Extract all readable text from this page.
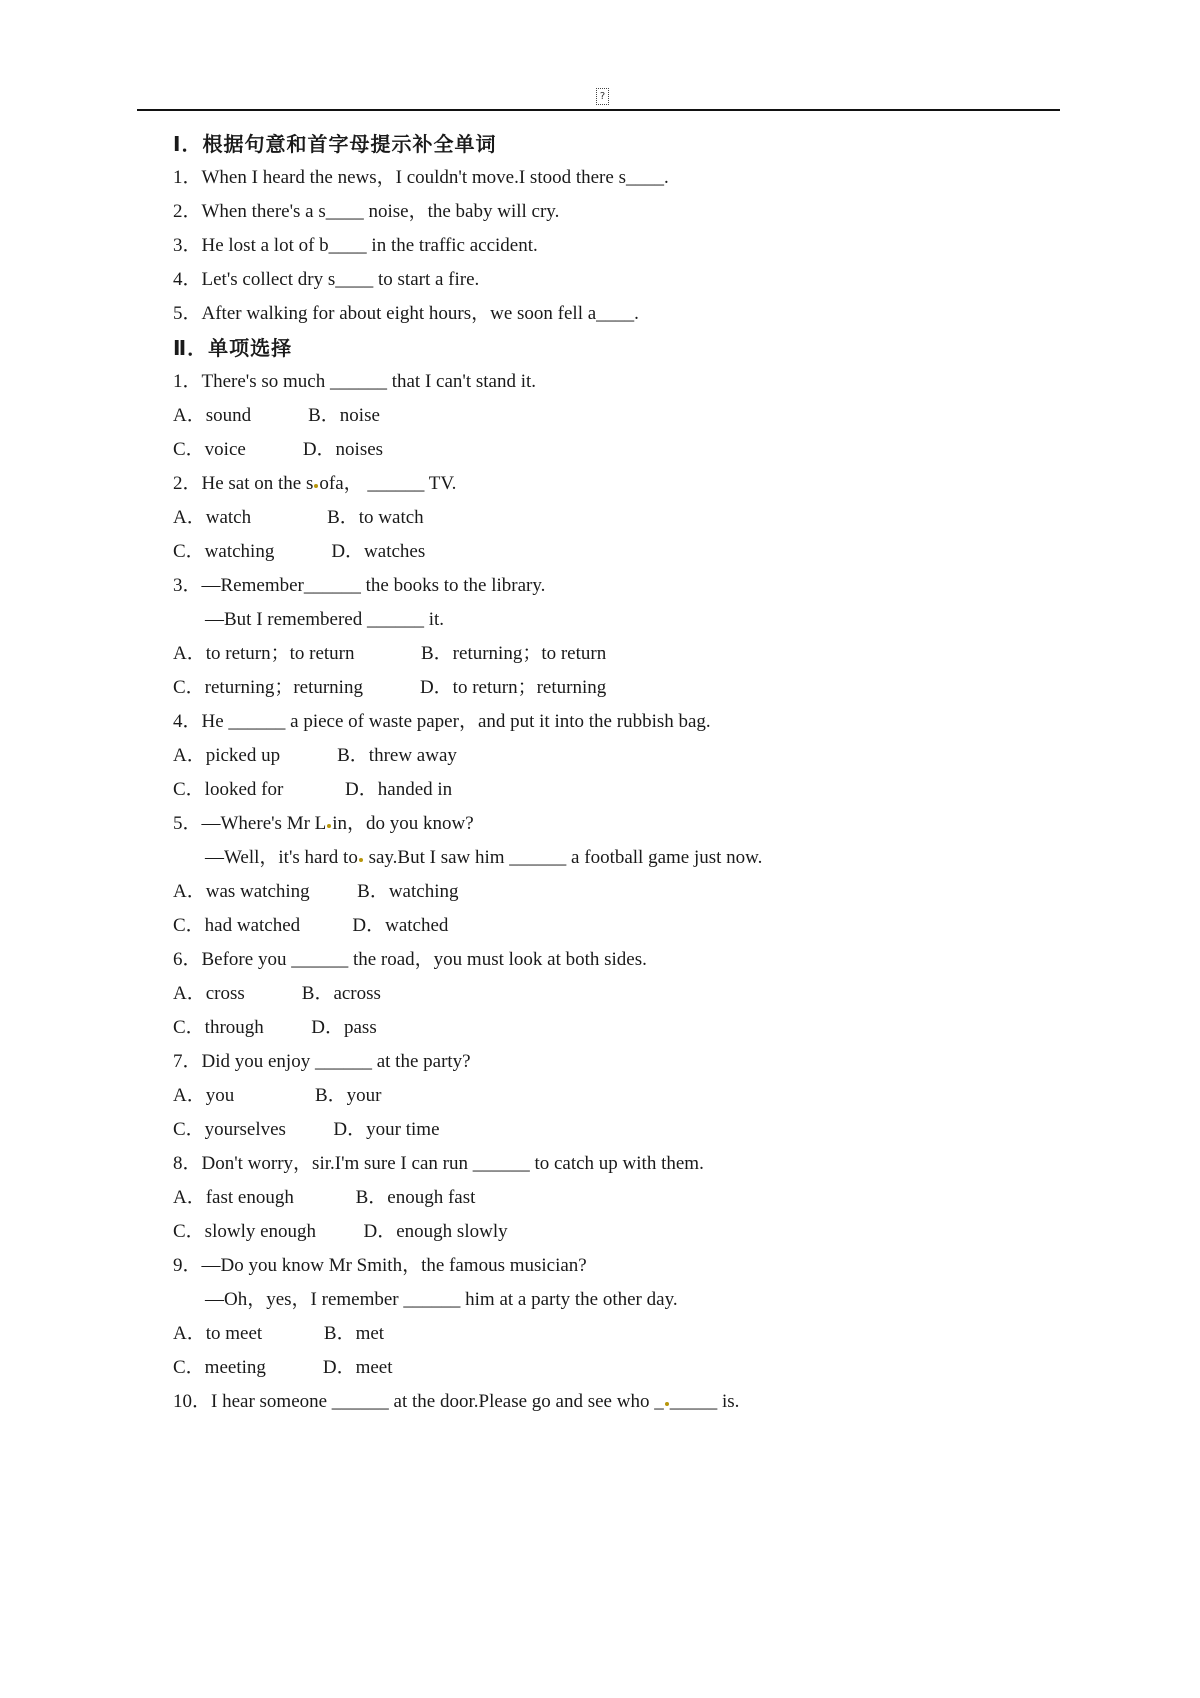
?
Ⅰ．根据句意和首字母提示补全单词
1．When I heard the news，I couldn't move.I stood there s____.
2．When there's a s____ noise，the baby will cry.
3．He lost a lot of b____ in the traffic accident.
4．Let's collect dry s____ to start a fire.
5．After walking for about eight hours，we soon fell a____.
Ⅱ．单项选择
1．There's so much ______ that I can't stand it.
A．sound            B．noise
C．voice            D．noises
2．He sat on the s ofa， ______ TV.
A．watch                B．to watch
C．watching            D．watches
3．—Remember______ the books to the library.
—But I remembered ______ it.
A．to return；to return              B．returning；to return
C．returning；returning            D．to return；returning
4．He ______ a piece of waste paper，and put it into the rubbish bag.
A．picked up            B．threw away
C．looked for             D．handed in
5．—Where's Mr L in，do you know?
—Well，it's hard to say.But I saw him ______ a football game just now.
A．was watching          B．watching
C．had watched           D．watched
6．Before you ______ the road，you must look at both sides.
A．cross            B．across
C．through          D．pass
7．Did you enjoy ______ at the party?
A．you                 B．your
C．yourselves          D．your time
8．Don't worry，sir.I'm sure I can run ______ to catch up with them.
A．fast enough             B．enough fast
C．slowly enough          D．enough slowly
9．—Do you know Mr Smith，the famous musician?
—Oh，yes，I remember ______ him at a party the other day.
A．to meet             B．met
C．meeting            D．meet
10．I hear someone ______ at the door.Please go and see who _ _____ is.
